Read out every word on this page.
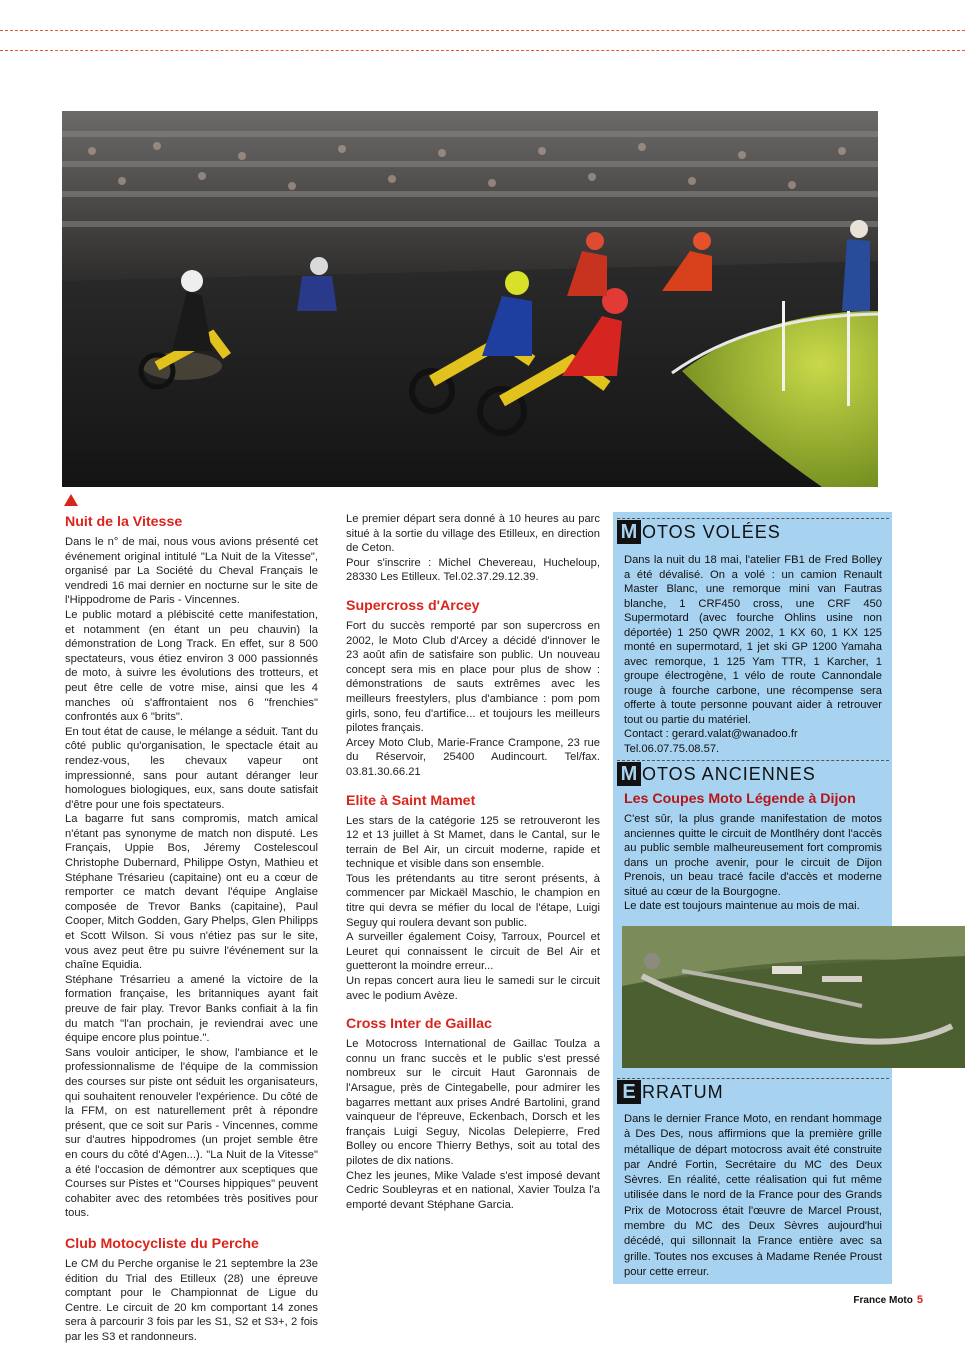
Nuit de la Vitesse

Dans le n° de mai, nous vous avions présenté cet événement original intitulé "La Nuit de la Vitesse", organisé par La Société du Cheval Français le vendredi 16 mai dernier en nocturne sur le site de l'Hippodrome de Paris - Vincennes.

Le public motard a plébiscité cette manifestation, et notamment (en étant un peu chauvin) la démonstration de Long Track. En effet, sur 8 500 spectateurs, vous étiez environ 3 000 passionnés de moto, à suivre les évolutions des trotteurs, et peut être celle de votre mise, ainsi que les 4 manches où s'affrontaient nos 6 "frenchies" confrontés aux 6 "brits".

En tout état de cause, le mélange a séduit. Tant du côté public qu'organisation, le spectacle était au rendez-vous, les chevaux vapeur ont impressionné, sans pour autant déranger leur homologues biologiques, eux, sans doute satisfait d'être pour une fois spectateurs.

La bagarre fut sans compromis, match amical n'étant pas synonyme de match non disputé. Les Français, Uppie Bos, Jéremy Costelescoul Christophe Dubernard, Philippe Ostyn, Mathieu et Stéphane Trésarieu (capitaine) ont eu a cœur de remporter ce match devant l'équipe Anglaise composée de Trevor Banks (capitaine), Paul Cooper, Mitch Godden, Gary Phelps, Glen Philipps et Scott Wilson. Si vous n'étiez pas sur le site, vous avez peut être pu suivre l'événement sur la chaîne Equidia.

Stéphane Trésarrieu a amené la victoire de la formation française, les britanniques ayant fait preuve de fair play. Trevor Banks confiait à la fin du match "l'an prochain, je reviendrai avec une équipe encore plus pointue.".

Sans vouloir anticiper, le show, l'ambiance et le professionnalisme de l'équipe de la commission des courses sur piste ont séduit les organisateurs, qui souhaitent renouveler l'expérience. Du côté de la FFM, on est naturellement prêt à répondre présent, que ce soit sur Paris - Vincennes, comme sur d'autres hippodromes (un projet semble être en cours du côté d'Agen...). "La Nuit de la Vitesse" a été l'occasion de démontrer aux sceptiques que Courses sur Pistes et "Courses hippiques" peuvent cohabiter avec des retombées très positives pour tous.

Club Motocycliste du Perche

Le CM du Perche organise le 21 septembre la 23e édition du Trial des Etilleux (28) une épreuve comptant pour le Championnat de Ligue du Centre. Le circuit de 20 km comportant 14 zones sera à parcourir 3 fois par les S1, S2 et S3+, 2 fois par les S3 et randonneurs.

Le premier départ sera donné à 10 heures au parc situé à la sortie du village des Etilleux, en direction de Ceton.

Pour s'inscrire : Michel Chevereau, Hucheloup, 28330 Les Etilleux. Tel.02.37.29.12.39.

Supercross d'Arcey

Fort du succès remporté par son supercross en 2002, le Moto Club d'Arcey a décidé d'innover le 23 août afin de satisfaire son public. Un nouveau concept sera mis en place pour plus de show : démonstrations de sauts extrêmes avec les meilleurs freestylers, plus d'ambiance : pom pom girls, sono, feu d'artifice... et toujours les meilleurs pilotes français.

Arcey Moto Club, Marie-France Crampone, 23 rue du Réservoir, 25400 Audincourt. Tel/fax. 03.81.30.66.21

Elite à Saint Mamet

Les stars de la catégorie 125 se retrouveront les 12 et 13 juillet à St Mamet, dans le Cantal, sur le terrain de Bel Air, un circuit moderne, rapide et technique et visible dans son ensemble.

Tous les prétendants au titre seront présents, à commencer par Mickaël Maschio, le champion en titre qui devra se méfier du local de l'étape, Luigi Seguy qui roulera devant son public.

A surveiller également Coisy, Tarroux, Pourcel et Leuret qui connaissent le circuit de Bel Air et guetteront la moindre erreur...

Un repas concert aura lieu le samedi sur le circuit avec le podium Avèze.

Cross Inter de Gaillac

Le Motocross International de Gaillac Toulza a connu un franc succès et le public s'est pressé nombreux sur le circuit Haut Garonnais de l'Arsague, près de Cintegabelle, pour admirer les bagarres mettant aux prises André Bartolini, grand vainqueur de l'épreuve, Eckenbach, Dorsch et les français Luigi Seguy, Nicolas Delepierre, Fred Bolley ou encore Thierry Bethys, soit au total des pilotes de dix nations.

Chez les jeunes, Mike Valade s'est imposé devant Cedric Soubleyras et en national, Xavier Toulza l'a emporté devant Stéphane Garcia.

M OTOS VOLÉES

Dans la nuit du 18 mai, l'atelier FB1 de Fred Bolley a été dévalisé. On a volé : un camion Renault Master Blanc, une remorque mini van Fautras blanche, 1 CRF450 cross, une CRF 450 Supermotard (avec fourche Ohlins usine non déportée) 1 250 QWR 2002, 1 KX 60, 1 KX 125 monté en supermotard, 1 jet ski GP 1200 Yamaha avec remorque, 1 125 Yam TTR, 1 Karcher, 1 groupe électrogène, 1 vélo de route Cannondale rouge à fourche carbone, une récompense sera offerte à toute personne pouvant aider à retrouver tout ou partie du matériel.

Contact : gerard.valat@wanadoo.fr

Tel.06.07.75.08.57.

M OTOS ANCIENNES
Les Coupes Moto Légende à Dijon

C'est sûr, la plus grande manifestation de motos anciennes quitte le circuit de Montlhéry dont l'accès au public semble malheureusement fort compromis dans un proche avenir, pour le circuit de Dijon Prenois, un beau tracé facile d'accès et moderne situé au cœur de la Bourgogne.

Le date est toujours maintenue au mois de mai.

E RRATUM

Dans le dernier France Moto, en rendant hommage à Des Des, nous affirmions que la première grille métallique de départ motocross avait été construite par André Fortin, Secrétaire du MC des Deux Sèvres. En réalité, cette réalisation qui fut même utilisée dans le nord de la France pour des Grands Prix de Motocross était l'œuvre de Marcel Proust, membre du MC des Deux Sèvres aujourd'hui décédé, qui sillonnait la France entière avec sa grille. Toutes nos excuses à Madame Renée Proust pour cette erreur.

France Moto 5
